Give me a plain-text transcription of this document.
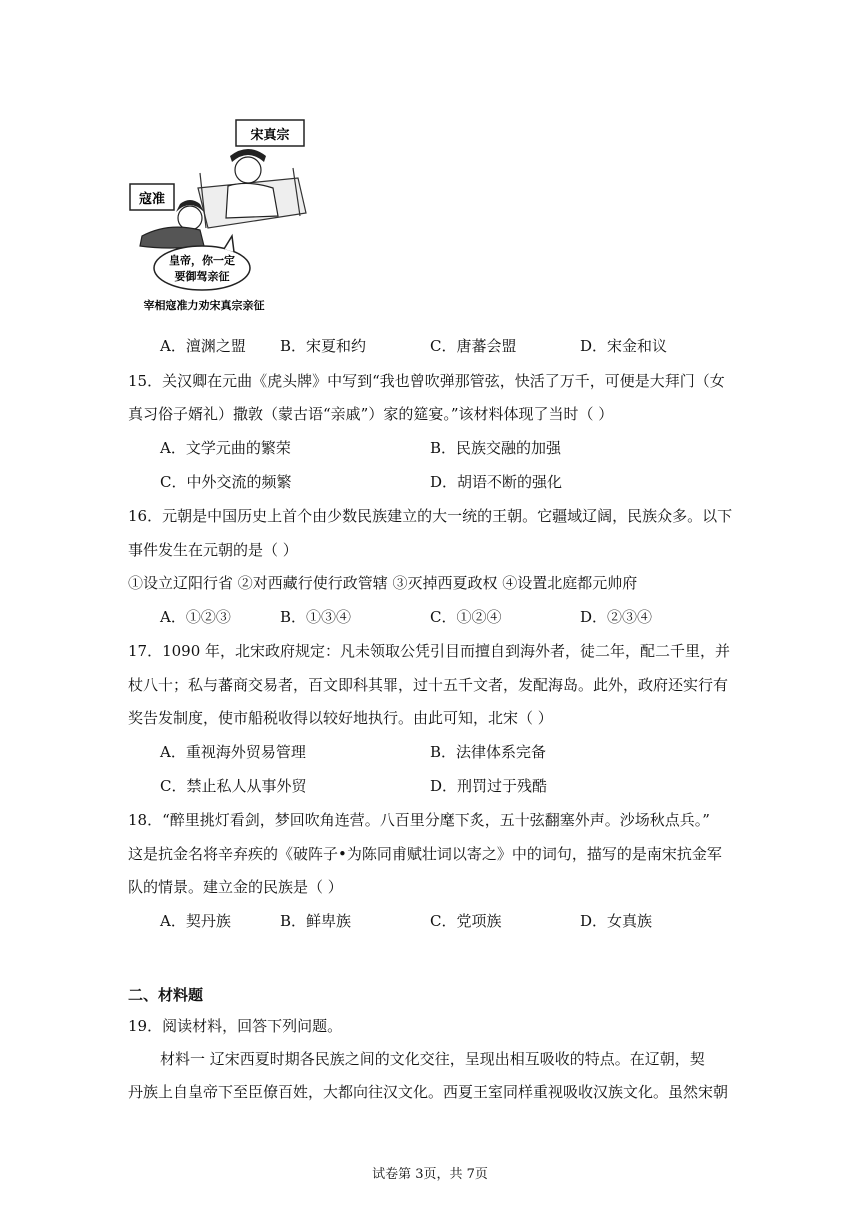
宋真宗
寇准
皇帝，你一定
要御驾亲征
宰相寇准力劝宋真宗亲征
A．澶渊之盟 B．宋夏和约	C．唐蕃会盟	D．宋金和议
15．关汉卿在元曲《虎头牌》中写到“我也曾吹弹那管弦，快活了万千，可便是大拜门（女
真习俗子婿礼）撒敦（蒙古语“亲戚”）家的筵宴。”该材料体现了当时（ ）
A．文学元曲的繁荣	B．民族交融的加强
C．中外交流的频繁	D．胡语不断的强化
16．元朝是中国历史上首个由少数民族建立的大一统的王朝。它疆域辽阔，民族众多。以下
事件发生在元朝的是（ ）
①设立辽阳行省 ②对西藏行使行政管辖 ③灭掉西夏政权 ④设置北庭都元帅府
A．①②③	B．①③④	C．①②④	D．②③④
17．1090 年，北宋政府规定：凡未领取公凭引目而擅自到海外者，徒二年，配二千里，并
杖八十；私与蕃商交易者，百文即科其罪，过十五千文者，发配海岛。此外，政府还实行有
奖告发制度，使市船税收得以较好地执行。由此可知，北宋（ ）
A．重视海外贸易管理	B．法律体系完备
C．禁止私人从事外贸	D．刑罚过于残酷
18．“醉里挑灯看剑，梦回吹角连营。八百里分麾下炙，五十弦翻塞外声。沙场秋点兵。”
这是抗金名将辛弃疾的《破阵子•为陈同甫赋壮词以寄之》中的词句，描写的是南宋抗金军
队的情景。建立金的民族是（ ）
A．契丹族	B．鲜卑族	C．党项族	D．女真族
二、材料题
19．阅读材料，回答下列问题。
材料一 辽宋西夏时期各民族之间的文化交往，呈现出相互吸收的特点。在辽朝，契
丹族上自皇帝下至臣僚百姓，大都向往汉文化。西夏王室同样重视吸收汉族文化。虽然宋朝
试卷第 3页，共 7页
